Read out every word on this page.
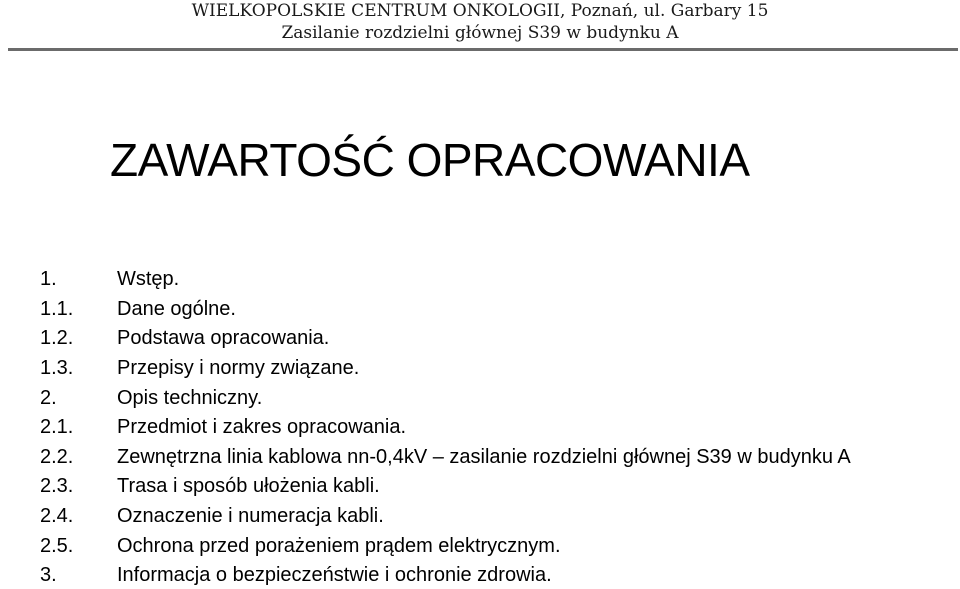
WIELKOPOLSKIE CENTRUM ONKOLOGII, Poznań, ul. Garbary 15
Zasilanie rozdzielni głównej S39 w budynku A
ZAWARTOŚĆ OPRACOWANIA
1.	Wstęp.
1.1. Dane ogólne.
1.2. Podstawa opracowania.
1.3. Przepisy i normy związane.
2.	Opis techniczny.
2.1. Przedmiot i zakres opracowania.
2.2. Zewnętrzna linia kablowa nn-0,4kV – zasilanie rozdzielni głównej S39 w budynku A
2.3. Trasa i sposób ułożenia kabli.
2.4. Oznaczenie i numeracja kabli.
2.5. Ochrona przed porażeniem prądem elektrycznym.
3.	Informacja o bezpieczeństwie i ochronie zdrowia.
